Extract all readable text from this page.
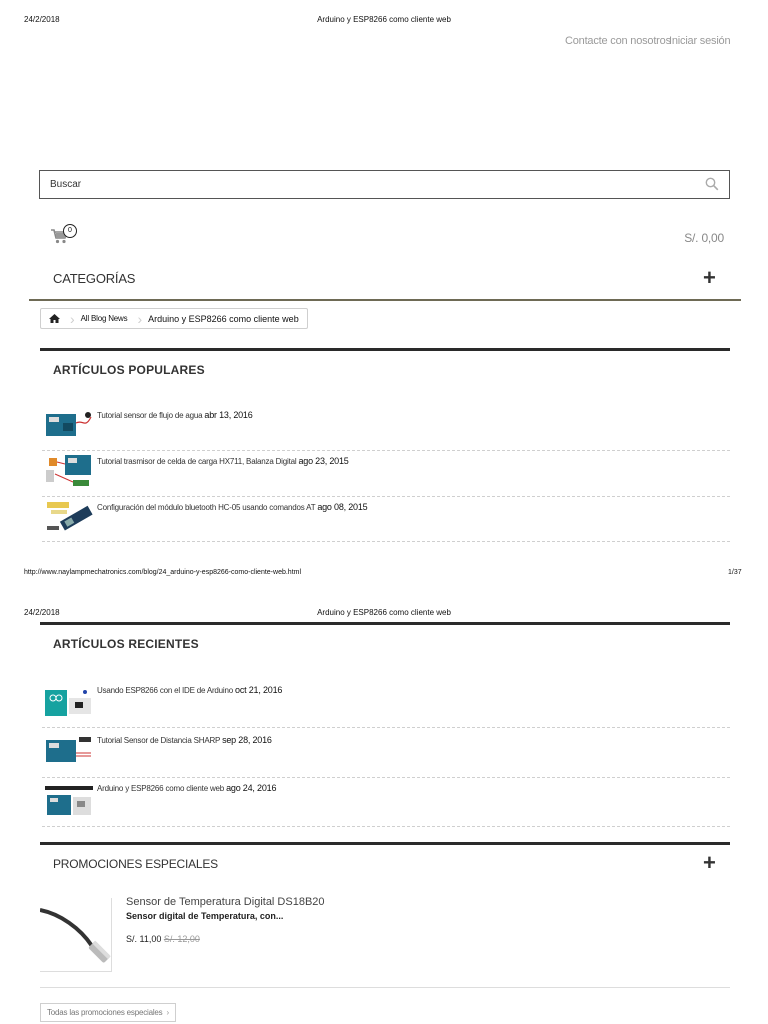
24/2/2018	Arduino y ESP8266 como cliente web
Contacte con nosotros
Iniciar sesión
Buscar
0
S/. 0,00
CATEGORÍAS	+
› All Blog News › Arduino y ESP8266 como cliente web
ARTÍCULOS POPULARES
Tutorial sensor de flujo de agua abr 13, 2016
Tutorial trasmisor de celda de carga HX711, Balanza Digital ago 23, 2015
Configuración del módulo bluetooth HC-05 usando comandos AT ago 08, 2015
http://www.naylampmechatronics.com/blog/24_arduino-y-esp8266-como-cliente-web.html	1/37
24/2/2018	Arduino y ESP8266 como cliente web
ARTÍCULOS RECIENTES
Usando ESP8266 con el IDE de Arduino oct 21, 2016
Tutorial Sensor de Distancia SHARP sep 28, 2016
Arduino y ESP8266 como cliente web ago 24, 2016
PROMOCIONES ESPECIALES	+
Sensor de Temperatura Digital DS18B20
Sensor digital de Temperatura, con...
S/. 11,00 S/. 12,00
Todas las promociones especiales ›
